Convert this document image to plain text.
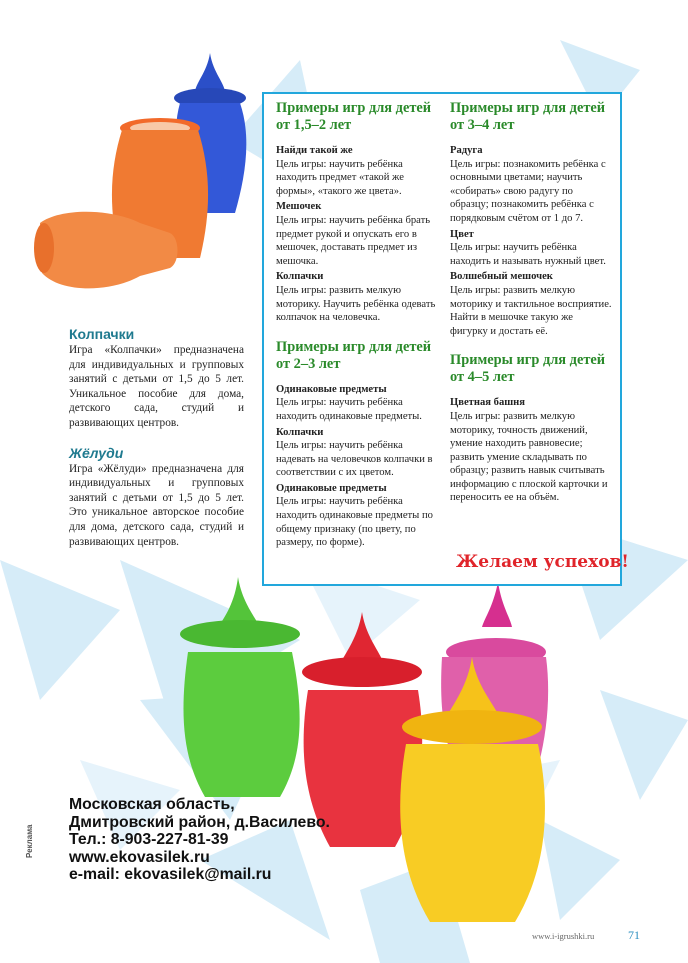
Колпачки

Игра «Колпачки» предназначена для индивидуальных и групповых занятий с детьми от 1,5 до 5 лет. Уникальное пособие для дома, детского сада, студий и развивающих центров.

Жёлуди

Игра «Жёлуди» предназначена для индивидуальных и групповых занятий с детьми от 1,5 до 5 лет. Это уникальное авторское пособие для дома, детского сада, студий и развивающих центров.

Примеры игр для детей от 1,5–2 лет
Найди такой же

Цель игры: научить ребёнка находить предмет «такой же формы», «такого же цвета».

Мешочек

Цель игры: научить ребёнка брать предмет рукой и опускать его в мешочек, доставать предмет из мешочка.

Колпачки

Цель игры: развить мелкую моторику. Научить ребёнка одевать колпачок на человечка.

Примеры игр для детей от 2–3 лет
Одинаковые предметы

Цель игры: научить ребёнка находить одинаковые предметы.

Колпачки

Цель игры: научить ребёнка надевать на человечков колпачки в соответствии с их цветом.

Одинаковые предметы

Цель игры: научить ребёнка находить одинаковые предметы по общему признаку (по цвету, по размеру, по форме).

Примеры игр для детей от 3–4 лет
Радуга

Цель игры: познакомить ребёнка с основными цветами; научить «собирать» свою радугу по образцу; познакомить ребёнка с порядковым счётом от 1 до 7.

Цвет

Цель игры: научить ребёнка находить и называть нужный цвет.

Волшебный мешочек

Цель игры: развить мелкую моторику и тактильное восприятие. Найти в мешочке такую же фигурку и достать её.

Примеры игр для детей от 4–5 лет
Цветная башня

Цель игры: развить мелкую моторику, точность движений, умение находить равновесие; развить умение складывать по образцу; развить навык считывать информацию с плоской карточки и переносить ее на объём.

Желаем успехов!
Московская область,
Дмитровский район, д.Василево.
Тел.: 8-903-227-81-39
www.ekovasilek.ru
e-mail: ekovasilek@mail.ru
Реклама
www.i-igrushki.ru	71
